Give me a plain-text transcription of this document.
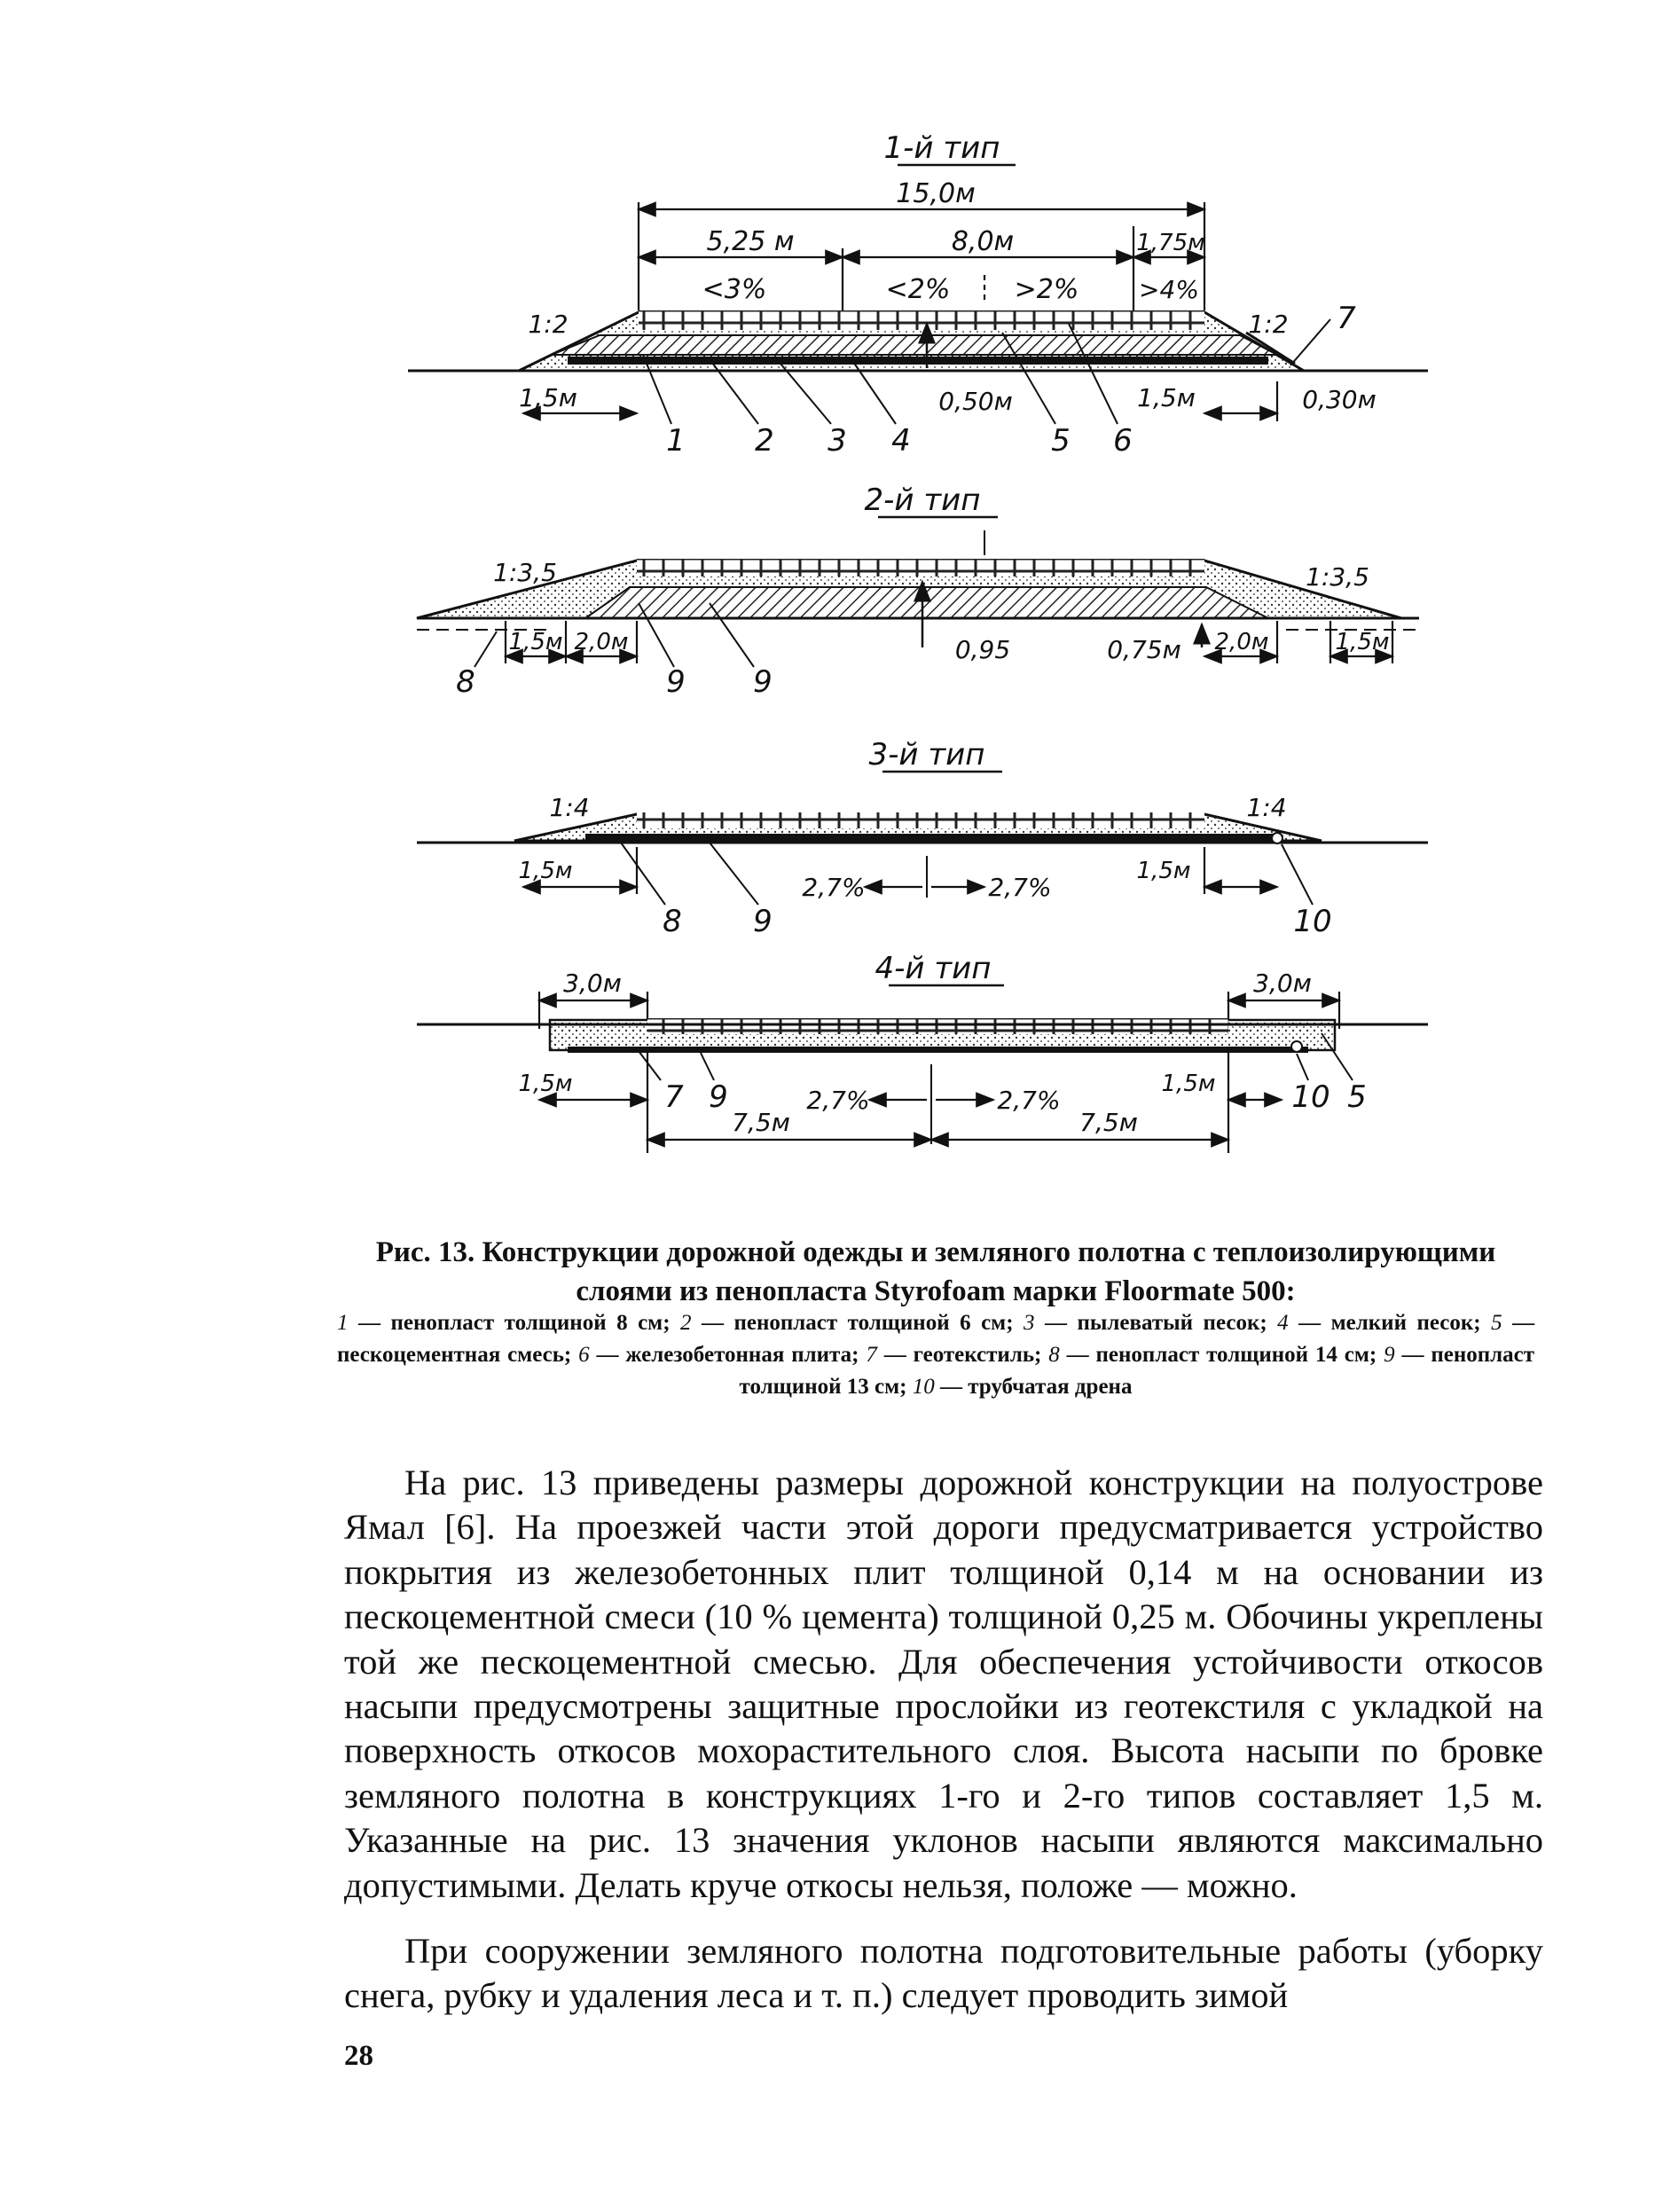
1-й тип
15,0м
5,25 м	8,0м	1,75м
<3%	<2% >2% >4%
1:2	1:2
0,50м
1,5м	1,5м	0,30м
1 2 3 4	5 6
7
2-й тип
1:3,5	1:3,5
0,95	0,75м
1,5м 2,0м	2,0м	1,5м
8	9 9
3-й тип
1:4	1:4
2,7%	2,7%
1,5м	1,5м
8 9	10
4-й тип
3,0м	3,0м
2,7%	2,7%
7,5м	7,5м
1,5м	1,5м
7 9	10 5
Рис. 13. Конструкции дорожной одежды и земляного полотна с теплоизолирующими слоями из пенопласта Styrofoam марки Floormate 500:
1 — пенопласт толщиной 8 см; 2 — пенопласт толщиной 6 см; 3 — пылеватый песок; 4 — мелкий песок; 5 — пескоцементная смесь; 6 — железобетонная плита; 7 — геотекстиль; 8 — пенопласт толщиной 14 см; 9 — пенопласт толщиной 13 см; 10 — трубчатая дрена

На рис. 13 приведены размеры дорожной конструкции на полуострове Ямал [6]. На проезжей части этой дороги предусматривается устройство покрытия из железобетонных плит толщиной 0,14 м на основании из пескоцементной смеси (10 % цемента) толщиной 0,25 м. Обочины укреплены той же пескоцементной смесью. Для обеспечения устойчивости откосов насыпи предусмотрены защитные прослойки из геотекстиля с укладкой на поверхность откосов мохорастительного слоя. Высота насыпи по бровке земляного полотна в конструкциях 1-го и 2-го типов составляет 1,5 м. Указанные на рис. 13 значения уклонов насыпи являются максимально допустимыми. Делать круче откосы нельзя, положе — можно.

При сооружении земляного полотна подготовительные работы (уборку снега, рубку и удаления леса и т. п.) следует проводить зимой

28
